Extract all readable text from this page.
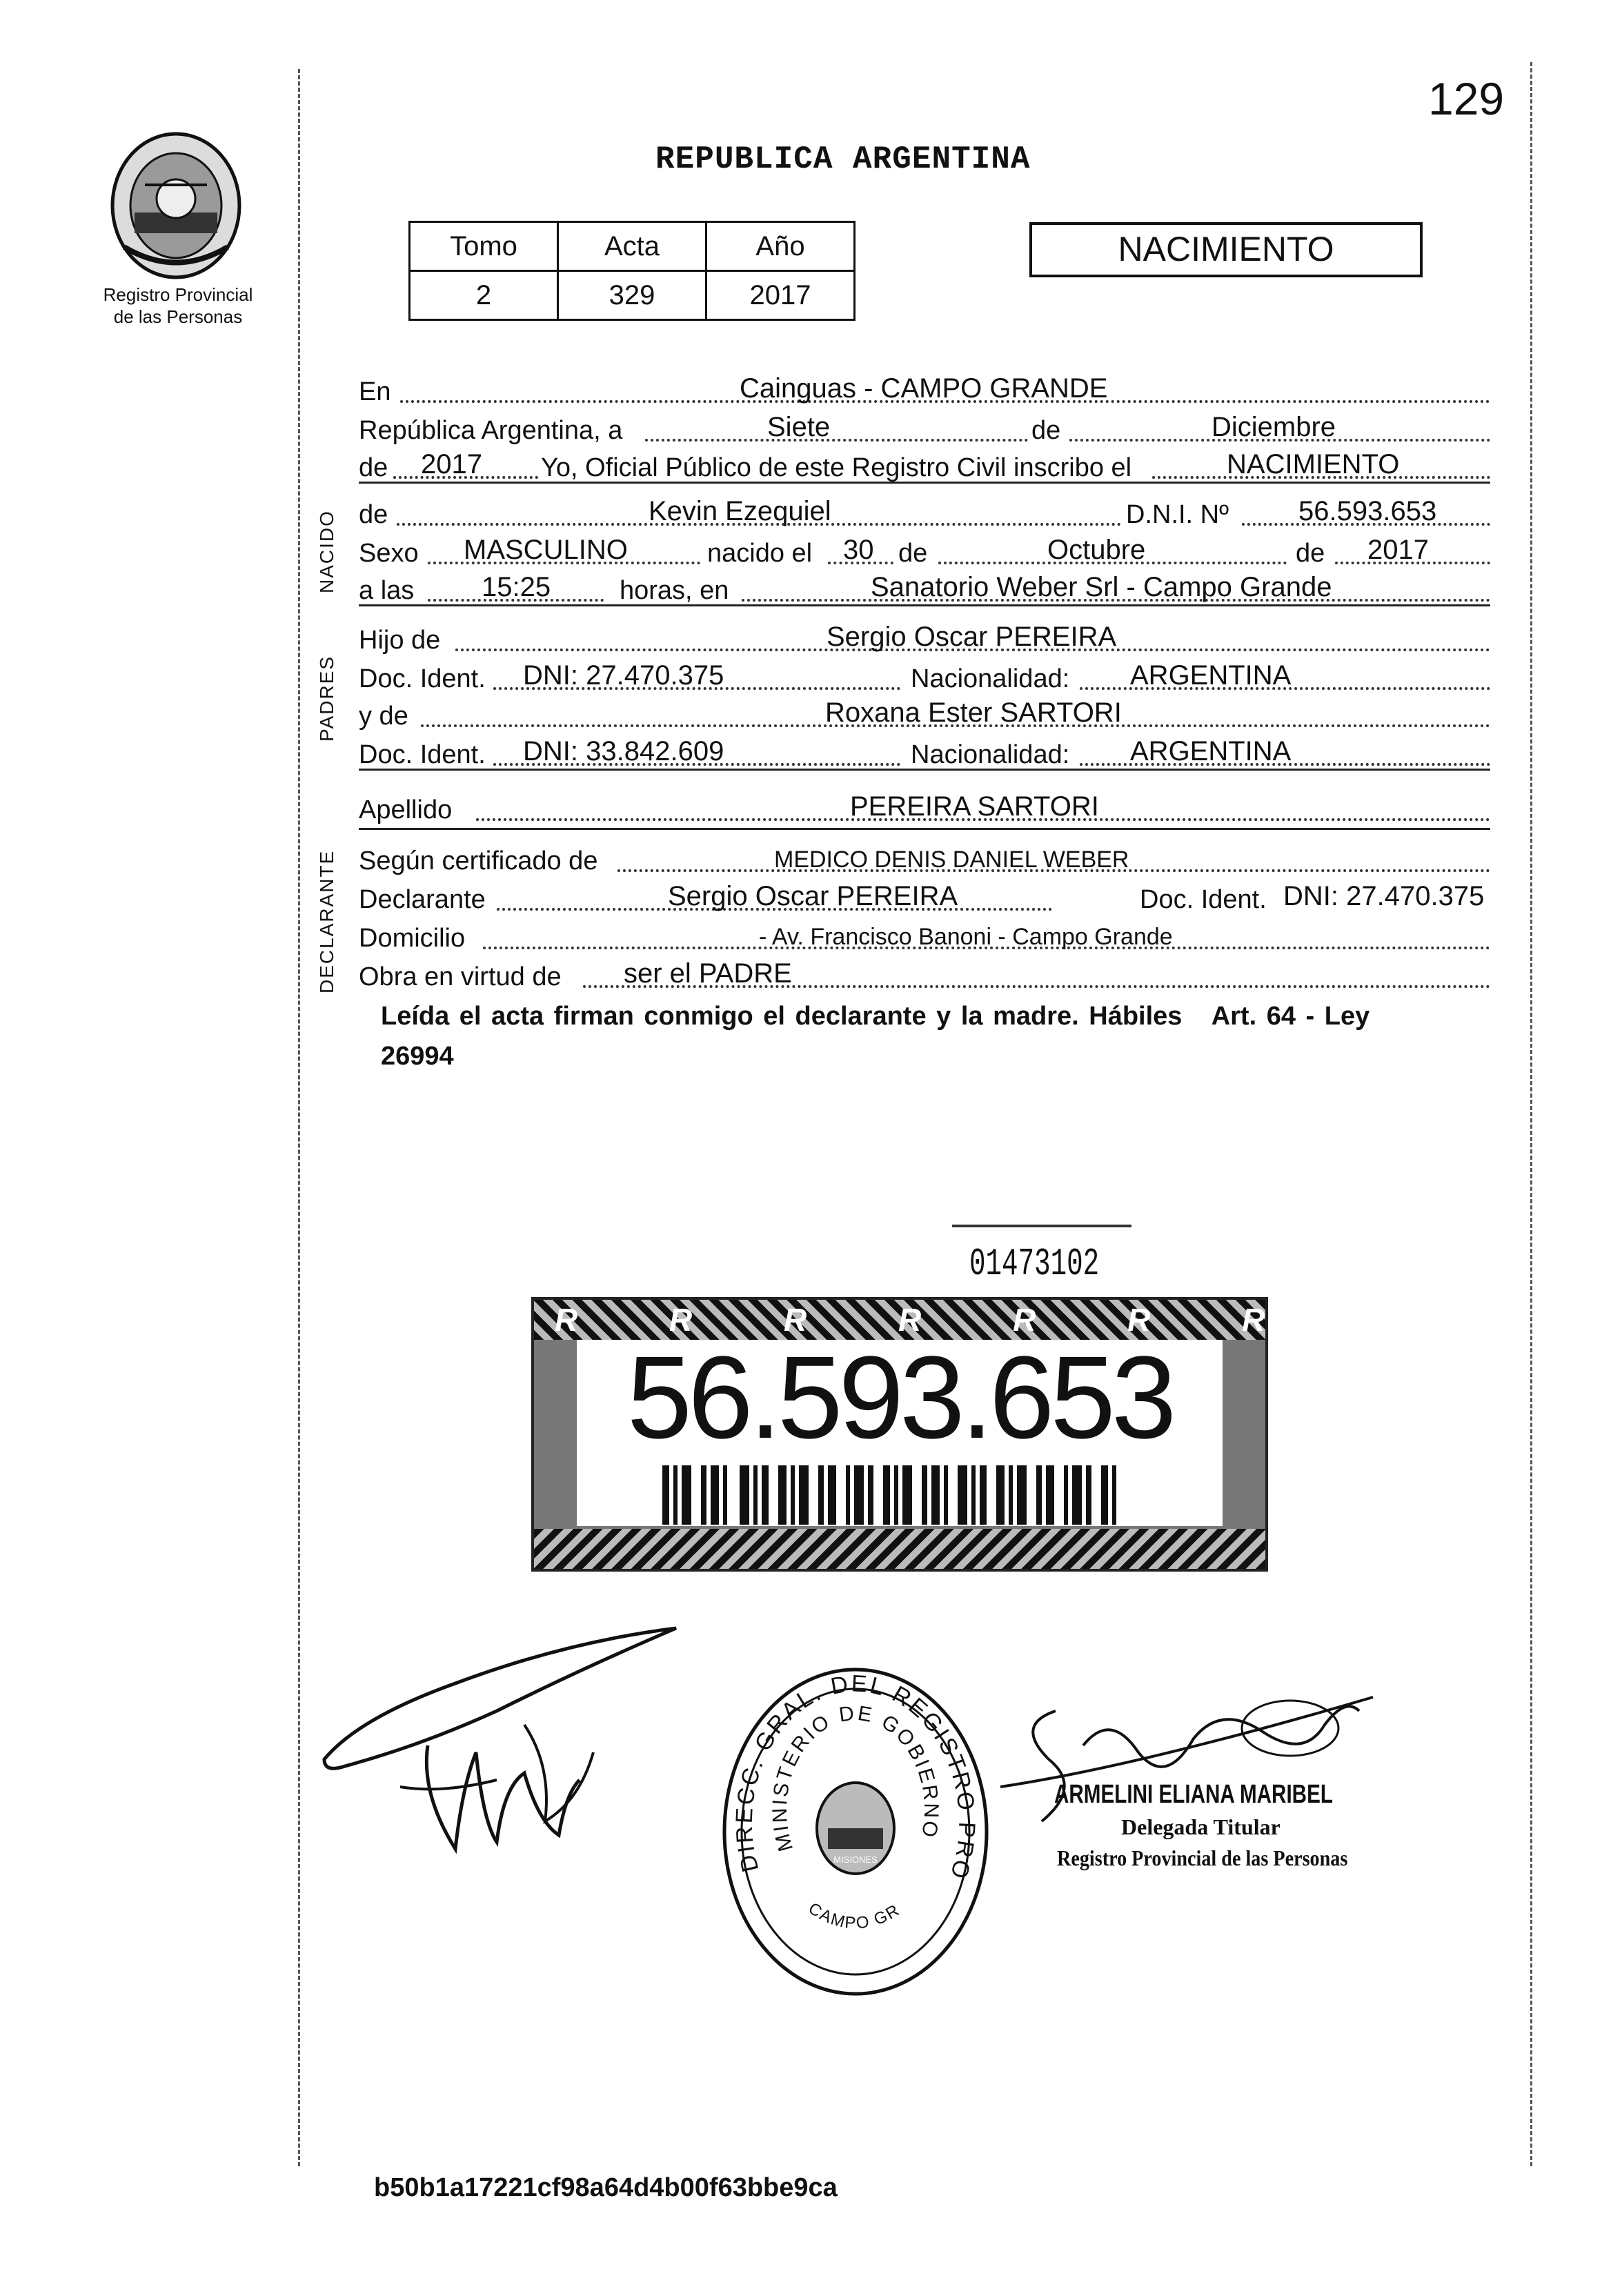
129
Registro Provincial
de las Personas
REPUBLICA ARGENTINA
Tomo	Acta	Año
2	329	2017
NACIMIENTO
NACIDO
PADRES
DECLARANTE
En	Cainguas - CAMPO GRANDE
República Argentina, a	Siete	de	Diciembre
de 2017 Yo, Oficial Público de este Registro Civil inscribo el	NACIMIENTO
de	Kevin Ezequiel	D.N.I. Nº	56.593.653
Sexo MASCULINO	nacido el 30 de	Octubre	de 2017
a las 15:25	horas, en	Sanatorio Weber Srl - Campo Grande
Hijo de	Sergio Oscar PEREIRA
Doc. Ident. DNI: 27.470.375	Nacionalidad: ARGENTINA
y de	Roxana Ester SARTORI
Doc. Ident. DNI: 33.842.609	Nacionalidad: ARGENTINA
Apellido	PEREIRA SARTORI
Según certificado de	MEDICO DENIS DANIEL WEBER
Declarante	Sergio Oscar PEREIRA	Doc. Ident. DNI: 27.470.375
Domicilio	- Av. Francisco Banoni - Campo Grande
Obra en virtud de ser el PADRE
Leída el acta firman conmigo el declarante y la madre. Hábiles   Art. 64 - Ley
26994
01473102
R R R R R R R R R
56.593.653
DIRECC. GRAL. DEL REGISTRO PRO
MINISTERIO DE GOBIERNO
CAMPO GR
MISIONES
ARMELINI ELIANA MARIBEL
Delegada Titular
Registro Provincial de las Personas
b50b1a17221cf98a64d4b00f63bbe9ca
